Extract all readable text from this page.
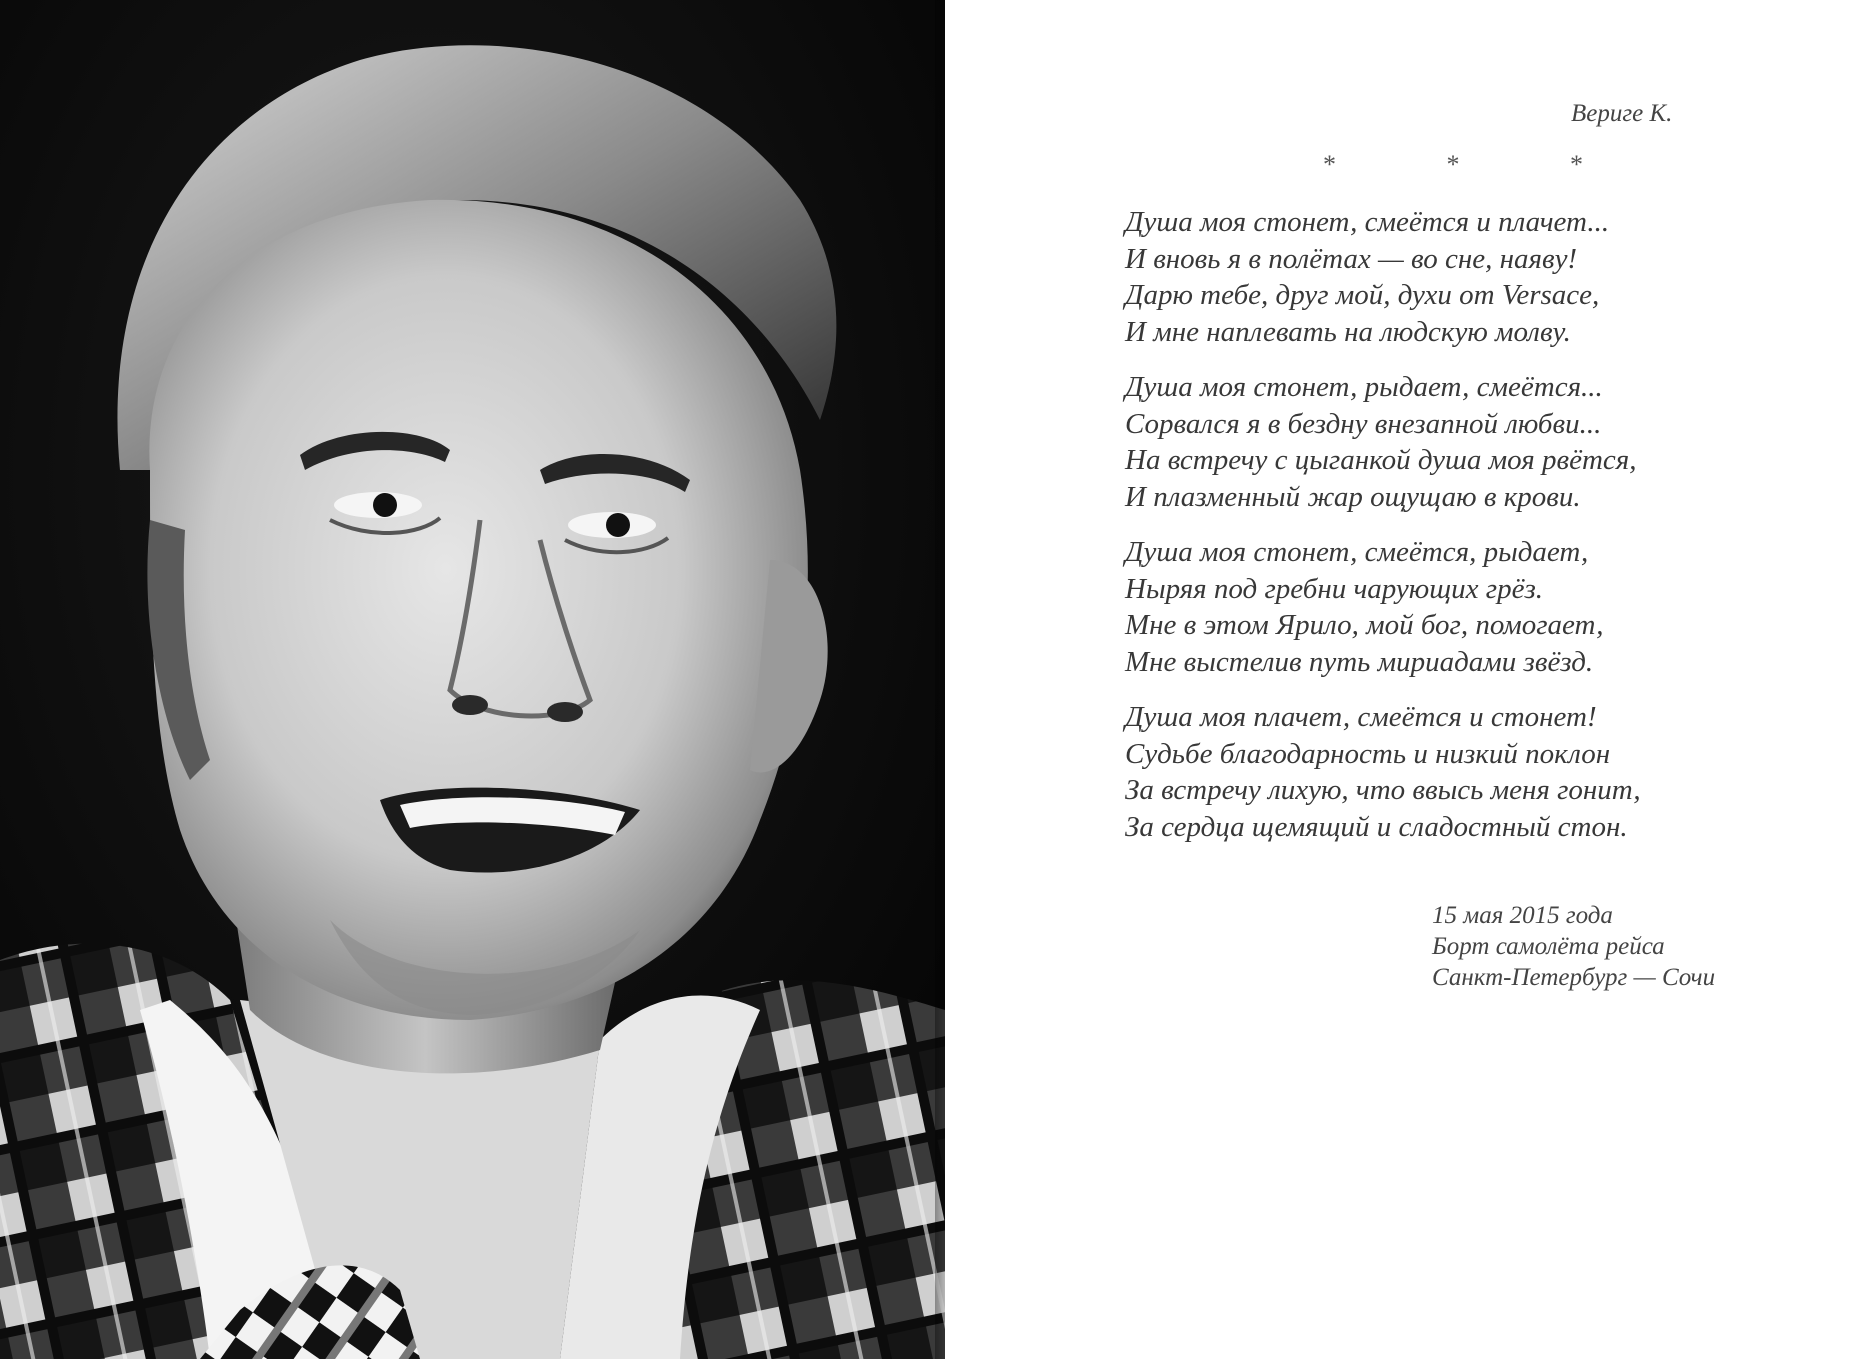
Вериге К.
* * *
Душа моя стонет, смеётся и плачет...
И вновь я в полётах — во сне, наяву!
Дарю тебе, друг мой, духи от Versace,
И мне наплевать на людскую молву.
Душа моя стонет, рыдает, смеётся...
Сорвался я в бездну внезапной любви...
На встречу с цыганкой душа моя рвётся,
И плазменный жар ощущаю в крови.
Душа моя стонет, смеётся, рыдает,
Ныряя под гребни чарующих грёз.
Мне в этом Ярило, мой бог, помогает,
Мне выстелив путь мириадами звёзд.
Душа моя плачет, смеётся и стонет!
Судьбе благодарность и низкий поклон
За встречу лихую, что ввысь меня гонит,
За сердца щемящий и сладостный стон.
15 мая 2015 года
Борт самолёта рейса
Санкт-Петербург — Сочи
